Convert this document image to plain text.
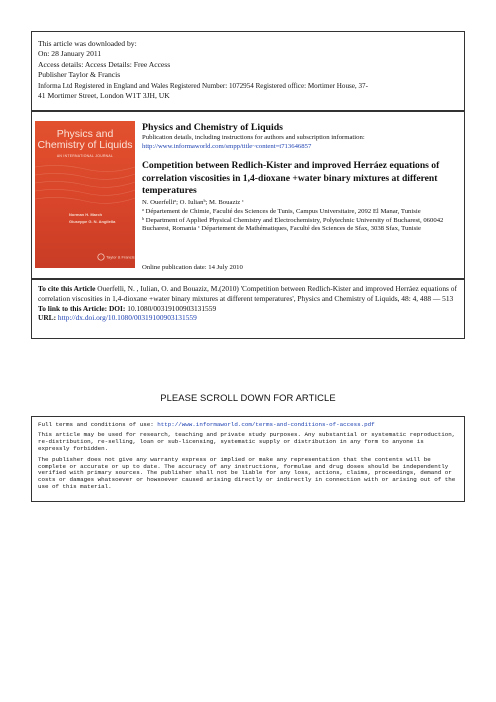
This article was downloaded by:
On: 28 January 2011
Access details: Access Details: Free Access
Publisher Taylor & Francis
Informa Ltd Registered in England and Wales Registered Number: 1072954 Registered office: Mortimer House, 37-
41 Mortimer Street, London W1T 3JH, UK
Physics and
Chemistry of Liquids
AN INTERNATIONAL JOURNAL
Norman H. March
Giuseppe G. N. Angilella
Taylor & Francis
Physics and Chemistry of Liquids
Publication details, including instructions for authors and subscription information:
http://www.informaworld.com/smpp/title~content=t713646857
Competition between Redlich-Kister and improved Herráez equations of correlation viscosities in 1,4-dioxane +water binary mixtures at different temperatures
N. Ouerfelliᵃ; O. Iulianᵇ; M. Bouaziz ᶜ
ᵃ Département de Chimie, Faculté des Sciences de Tunis, Campus Universitaire, 2092 El Manar, Tunisie
ᵇ Department of Applied Physical Chemistry and Electrochemistry, Polytechnic University of Bucharest, 060042 Bucharest, Romania ᶜ Département de Mathématiques, Faculté des Sciences de Sfax, 3038 Sfax, Tunisie
Online publication date: 14 July 2010
To cite this Article Ouerfelli, N. , Iulian, O. and Bouaziz, M.(2010) 'Competition between Redlich-Kister and improved Herráez equations of correlation viscosities in 1,4-dioxane +water binary mixtures at different temperatures', Physics and Chemistry of Liquids, 48: 4, 488 — 513
To link to this Article: DOI: 10.1080/00319100903131559
URL: http://dx.doi.org/10.1080/00319100903131559
PLEASE SCROLL DOWN FOR ARTICLE

Full terms and conditions of use: http://www.informaworld.com/terms-and-conditions-of-access.pdf

This article may be used for research, teaching and private study purposes. Any substantial or systematic reproduction, re-distribution, re-selling, loan or sub-licensing, systematic supply or distribution in any form to anyone is expressly forbidden.

The publisher does not give any warranty express or implied or make any representation that the contents will be complete or accurate or up to date. The accuracy of any instructions, formulae and drug doses should be independently verified with primary sources. The publisher shall not be liable for any loss, actions, claims, proceedings, demand or costs or damages whatsoever or howsoever caused arising directly or indirectly in connection with or arising out of the use of this material.
